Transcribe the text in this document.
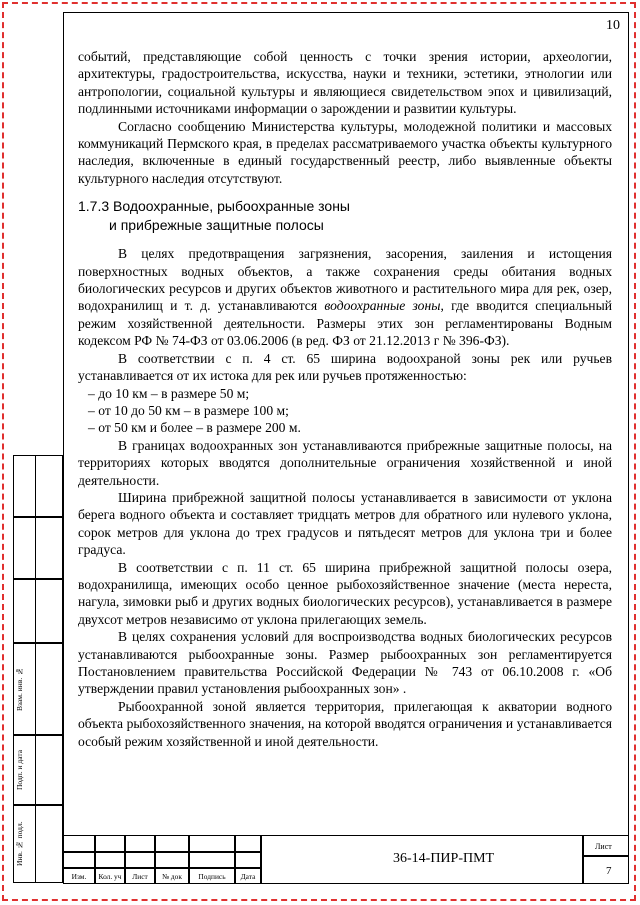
10

событий, представляющие собой ценность с точки зрения истории, археологии, архитектуры, градостроительства, искусства, науки и техники, эстетики, этнологии или антропологии, социальной культуры и являющиеся свидетельством эпох и цивилизаций, подлинными источниками информации о зарождении и развитии культуры.

Согласно сообщению Министерства культуры, молодежной политики и массовых коммуникаций Пермского края, в пределах рассматриваемого участка объекты культурного наследия, включенные в единый государственный реестр, либо выявленные объекты культурного наследия отсутствуют.

1.7.3 Водоохранные, рыбоохранные зоны
и прибрежные защитные полосы

В целях предотвращения загрязнения, засорения, заиления и истощения поверхностных водных объектов, а также сохранения среды обитания водных биологических ресурсов и других объектов животного и растительного мира для рек, озер, водохранилищ и т. д. устанавливаются водоохранные зоны, где вводится специальный режим хозяйственной деятельности. Размеры этих зон регламентированы Водным кодексом РФ № 74-ФЗ от 03.06.2006 (в ред. ФЗ от 21.12.2013 г № 396-ФЗ).

В соответствии с п. 4 ст. 65 ширина водоохраной зоны рек или ручьев устанавливается от их истока для рек или ручьев протяженностью:

– до 10 км – в размере 50 м;

– от 10 до 50 км – в размере 100 м;

– от 50 км и более – в размере 200 м.

В границах водоохранных зон устанавливаются прибрежные защитные полосы, на территориях которых вводятся дополнительные ограничения хозяйственной и иной деятельности.

Ширина прибрежной защитной полосы устанавливается в зависимости от уклона берега водного объекта и составляет тридцать метров для обратного или нулевого уклона, сорок метров для уклона до трех градусов и пятьдесят метров для уклона три и более градуса.

В соответствии с п. 11 ст. 65 ширина прибрежной защитной полосы озера, водохранилища, имеющих особо ценное рыбохозяйственное значение (места нереста, нагула, зимовки рыб и других водных биологических ресурсов), устанавливается в размере двухсот метров независимо от уклона прилегающих земель.

В целях сохранения условий для воспроизводства водных биологических ресурсов устанавливаются рыбоохранные зоны. Размер рыбоохранных зон регламентируется Постановлением правительства Российской Федерации № 743 от 06.10.2008 г. «Об утверждении правил установления рыбоохранных зон» .

Рыбоохранной зоной является территория, прилегающая к акватории водного объекта рыбохозяйственного значения, на которой вводятся ограничения и устанавливается особый режим хозяйственной и иной деятельности.

Взам. инв. №
Подп. и дата
Инв. № подл.
Изм.	Кол. уч	Лист	№ док	Подпись	Дата
36-14-ПИР-ПМТ
Лист
7
